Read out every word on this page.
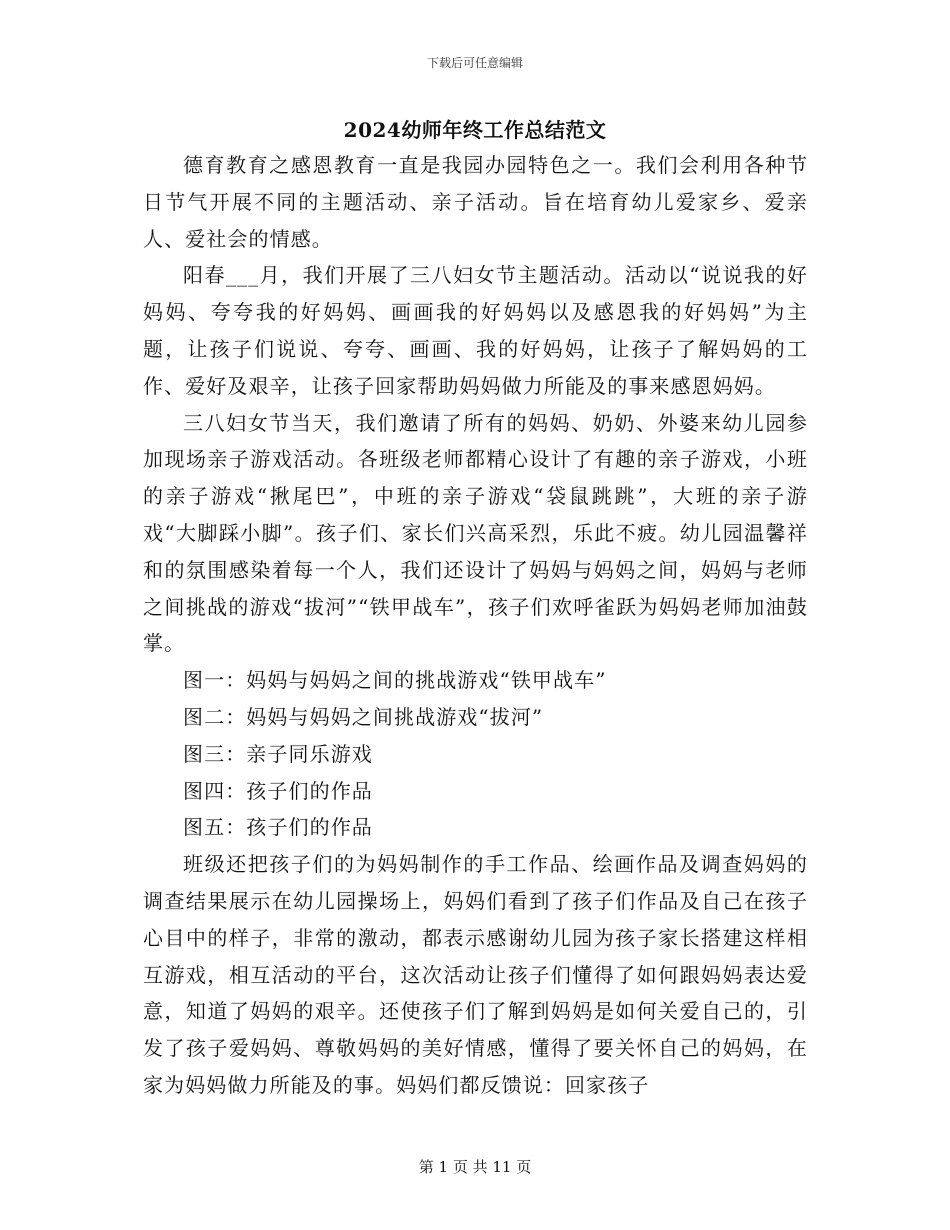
下载后可任意编辑
2024幼师年终工作总结范文

德育教育之感恩教育一直是我园办园特色之一。我们会利用各种节日节气开展不同的主题活动、亲子活动。旨在培育幼儿爱家乡、爱亲人、爱社会的情感。

阳春___月，我们开展了三八妇女节主题活动。活动以“说说我的好妈妈、夸夸我的好妈妈、画画我的好妈妈以及感恩我的好妈妈”为主题，让孩子们说说、夸夸、画画、我的好妈妈，让孩子了解妈妈的工作、爱好及艰辛，让孩子回家帮助妈妈做力所能及的事来感恩妈妈。

三八妇女节当天，我们邀请了所有的妈妈、奶奶、外婆来幼儿园参加现场亲子游戏活动。各班级老师都精心设计了有趣的亲子游戏，小班的亲子游戏“揪尾巴”，中班的亲子游戏“袋鼠跳跳”，大班的亲子游戏“大脚踩小脚”。孩子们、家长们兴高采烈，乐此不疲。幼儿园温馨祥和的氛围感染着每一个人，我们还设计了妈妈与妈妈之间，妈妈与老师之间挑战的游戏“拔河”“铁甲战车”，孩子们欢呼雀跃为妈妈老师加油鼓掌。

图一：妈妈与妈妈之间的挑战游戏“铁甲战车”

图二：妈妈与妈妈之间挑战游戏“拔河”

图三：亲子同乐游戏

图四：孩子们的作品

图五：孩子们的作品

班级还把孩子们的为妈妈制作的手工作品、绘画作品及调查妈妈的调查结果展示在幼儿园操场上，妈妈们看到了孩子们作品及自己在孩子心目中的样子，非常的激动，都表示感谢幼儿园为孩子家长搭建这样相互游戏，相互活动的平台，这次活动让孩子们懂得了如何跟妈妈表达爱意，知道了妈妈的艰辛。还使孩子们了解到妈妈是如何关爱自己的，引发了孩子爱妈妈、尊敬妈妈的美好情感，懂得了要关怀自己的妈妈，在家为妈妈做力所能及的事。妈妈们都反馈说：回家孩子

第 1 页 共 11 页
